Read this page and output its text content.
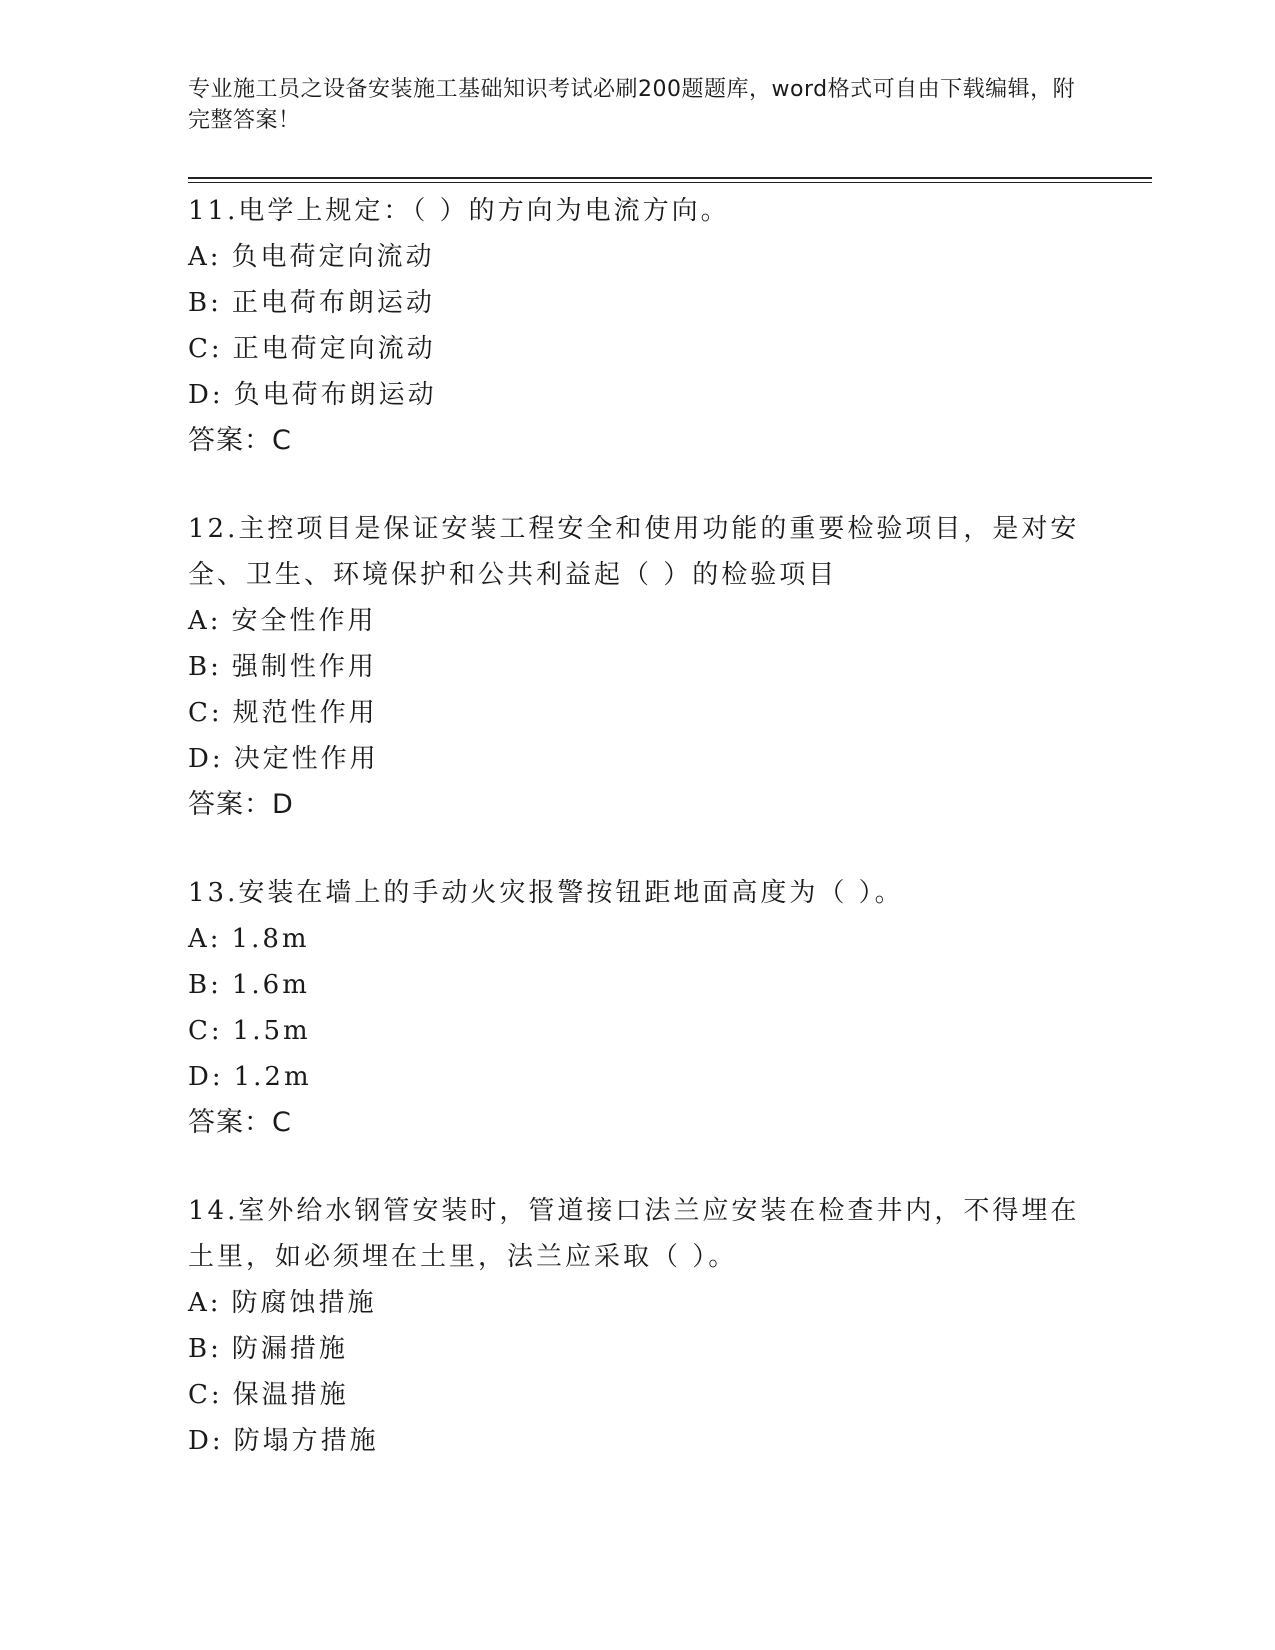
专业施工员之设备安装施工基础知识考试必刷200题题库，word格式可自由下载编辑，附完整答案！

11.电学上规定：（ ）的方向为电流方向。

A: 负电荷定向流动

B: 正电荷布朗运动

C: 正电荷定向流动

D: 负电荷布朗运动

答案：C

12.主控项目是保证安装工程安全和使用功能的重要检验项目，是对安全、卫生、环境保护和公共利益起（ ）的检验项目

A: 安全性作用

B: 强制性作用

C: 规范性作用

D: 决定性作用

答案：D

13.安装在墙上的手动火灾报警按钮距地面高度为（ ）。

A: 1.8m

B: 1.6m

C: 1.5m

D: 1.2m

答案：C

14.室外给水钢管安装时，管道接口法兰应安装在检查井内，不得埋在土里，如必须埋在土里，法兰应采取（ ）。

A: 防腐蚀措施

B: 防漏措施

C: 保温措施

D: 防塌方措施
